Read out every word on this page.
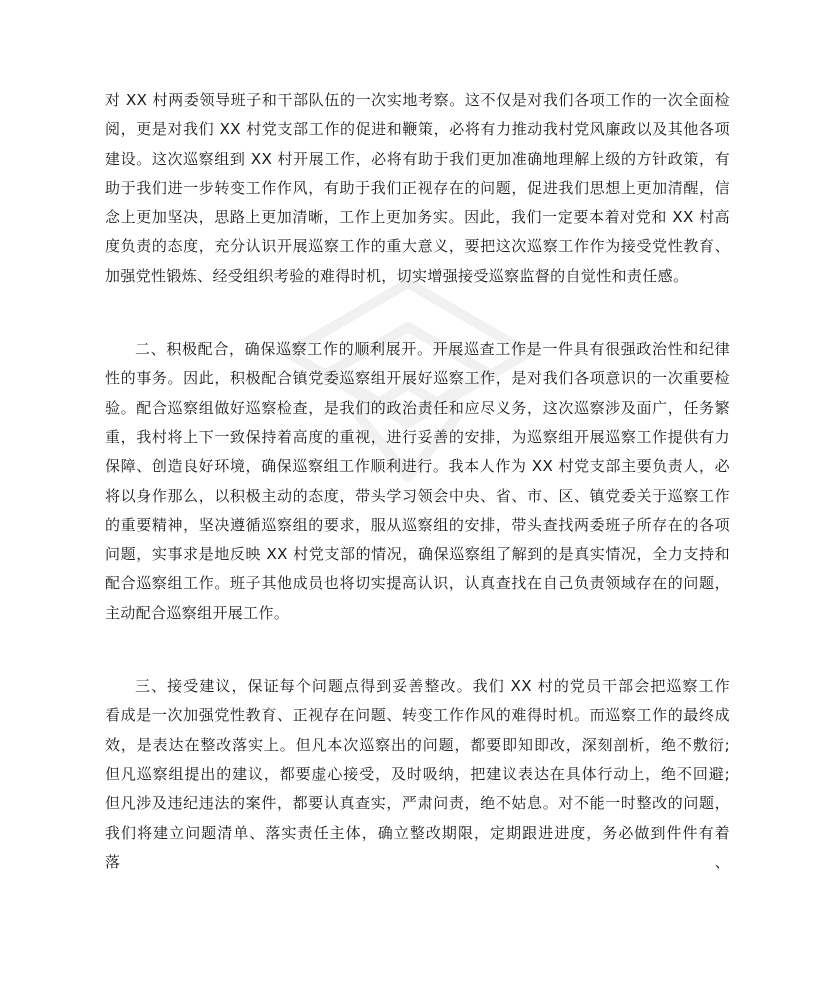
对 XX 村两委领导班子和干部队伍的一次实地考察。这不仅是对我们各项工作的一次全面检

阅，更是对我们 XX 村党支部工作的促进和鞭策，必将有力推动我村党风廉政以及其他各项

建设。这次巡察组到 XX 村开展工作，必将有助于我们更加准确地理解上级的方针政策，有

助于我们进一步转变工作作风，有助于我们正视存在的问题，促进我们思想上更加清醒，信

念上更加坚决，思路上更加清晰，工作上更加务实。因此，我们一定要本着对党和 XX 村高

度负责的态度，充分认识开展巡察工作的重大意义，要把这次巡察工作作为接受党性教育、

加强党性锻炼、经受组织考验的难得时机，切实增强接受巡察监督的自觉性和责任感。

二、积极配合，确保巡察工作的顺利展开。开展巡查工作是一件具有很强政治性和纪律

性的事务。因此，积极配合镇党委巡察组开展好巡察工作，是对我们各项意识的一次重要检

验。配合巡察组做好巡察检查，是我们的政治责任和应尽义务，这次巡察涉及面广，任务繁

重，我村将上下一致保持着高度的重视，进行妥善的安排，为巡察组开展巡察工作提供有力

保障、创造良好环境，确保巡察组工作顺利进行。我本人作为 XX 村党支部主要负责人，必

将以身作那么，以积极主动的态度，带头学习领会中央、省、市、区、镇党委关于巡察工作

的重要精神，坚决遵循巡察组的要求，服从巡察组的安排，带头查找两委班子所存在的各项

问题，实事求是地反映 XX 村党支部的情况，确保巡察组了解到的是真实情况，全力支持和

配合巡察组工作。班子其他成员也将切实提高认识，认真查找在自己负责领域存在的问题，

主动配合巡察组开展工作。

三、接受建议，保证每个问题点得到妥善整改。我们 XX 村的党员干部会把巡察工作

看成是一次加强党性教育、正视存在问题、转变工作作风的难得时机。而巡察工作的最终成

效，是表达在整改落实上。但凡本次巡察出的问题，都要即知即改，深刻剖析，绝不敷衍;

但凡巡察组提出的建议，都要虚心接受，及时吸纳，把建议表达在具体行动上，绝不回避;

但凡涉及违纪违法的案件，都要认真查实，严肃问责，绝不姑息。对不能一时整改的问题，

我们将建立问题清单、落实责任主体，确立整改期限，定期跟进进度，务必做到件件有着落、
